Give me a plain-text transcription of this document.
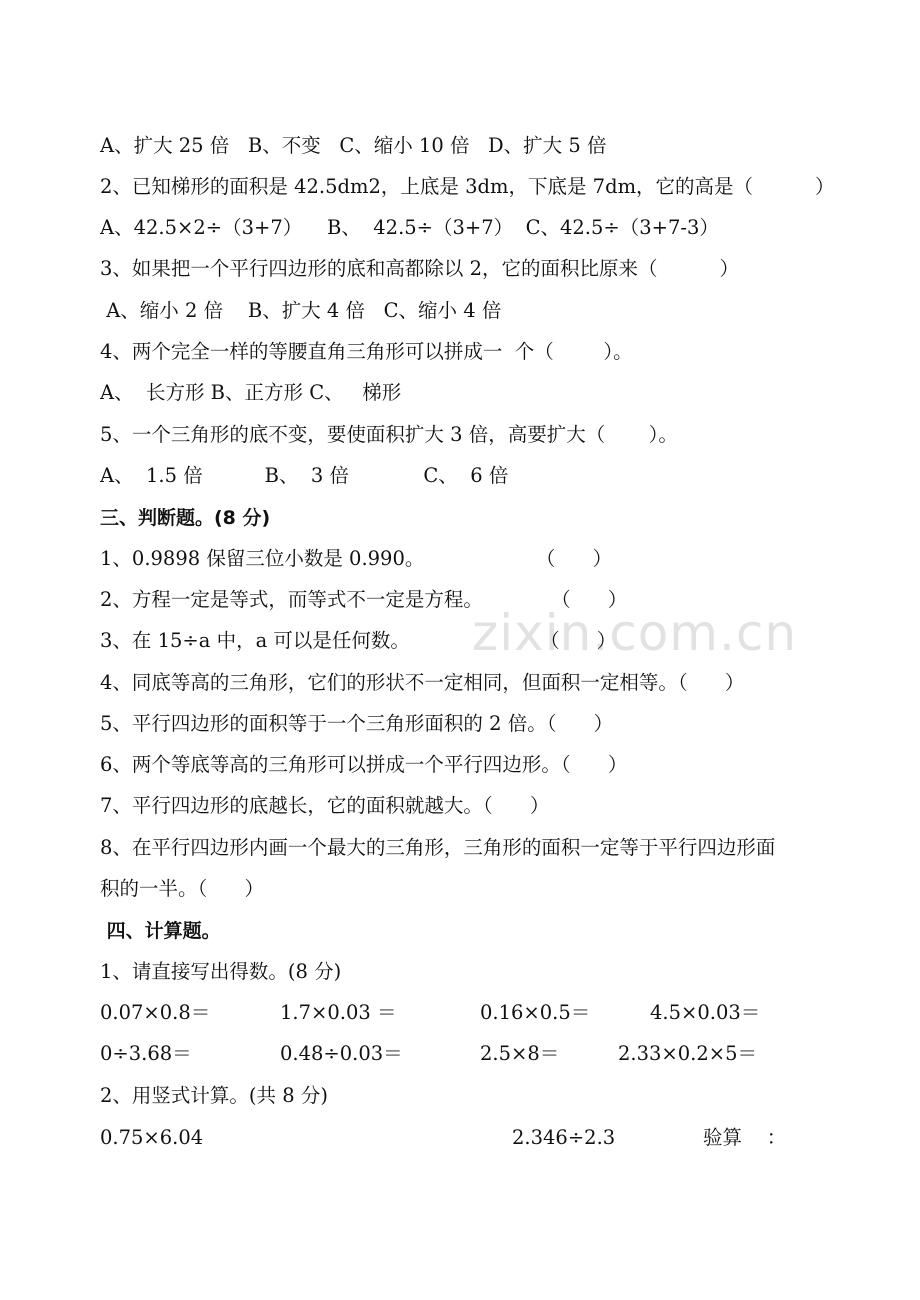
zixin.com.cn
A、扩大 25 倍   B、不变   C、缩小 10 倍   D、扩大 5 倍
2、已知梯形的面积是 42.5dm2，上底是 3dm，下底是 7dm，它的高是（          ）
A、42.5×2÷（3+7）    B、  42.5÷（3+7）  C、42.5÷（3+7-3）
3、如果把一个平行四边形的底和高都除以 2，它的面积比原来（          ）
A、缩小 2 倍    B、扩大 4 倍   C、缩小 4 倍
4、两个完全一样的等腰直角三角形可以拼成一  个（        ）。
A、  长方形 B、正方形 C、   梯形
5、一个三角形的底不变，要使面积扩大 3 倍，高要扩大（       ）。
A、  1.5 倍          B、  3 倍            C、  6 倍
三、判断题。(8 分)
1、0.9898 保留三位小数是 0.990。                  （      ）
2、方程一定是等式，而等式不一定是方程。           （      ）
3、在 15÷a 中，a 可以是任何数。                     （      ）
4、同底等高的三角形，它们的形状不一定相同，但面积一定相等。（      ）
5、平行四边形的面积等于一个三角形面积的 2 倍。（      ）
6、两个等底等高的三角形可以拼成一个平行四边形。（      ）
7、平行四边形的底越长，它的面积就越大。（      ）
8、在平行四边形内画一个最大的三角形，三角形的面积一定等于平行四边形面
积的一半。（      ）
四、计算题。
1、请直接写出得数。(8 分)
0.07×0.8＝	1.7×0.03 ＝	0.16×0.5＝	4.5×0.03＝
0÷3.68＝	0.48÷0.03＝	2.5×8＝	2.33×0.2×5＝
2、用竖式计算。(共 8 分)
0.75×6.04	2.346÷2.3	验算    ：
